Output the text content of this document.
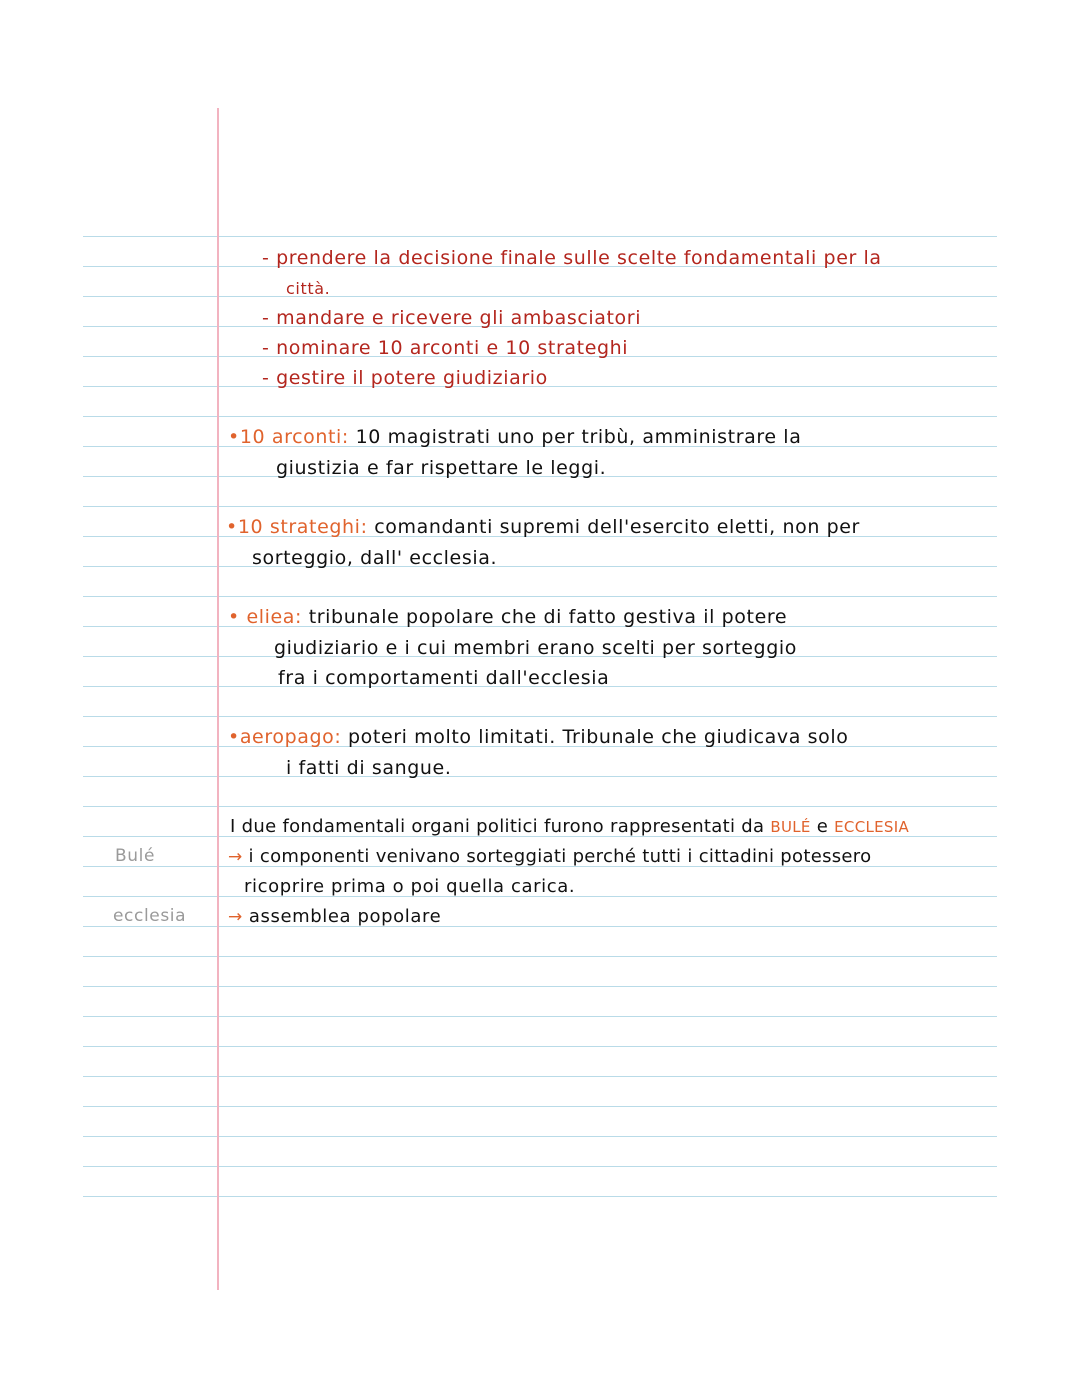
Bulé
ecclesia
- prendere la decisione finale sulle scelte fondamentali per la
città.
- mandare e ricevere gli ambasciatori
- nominare 10 arconti e 10 strateghi
- gestire il potere giudiziario
•10 arconti: 10 magistrati uno per tribù, amministrare la
giustizia e far rispettare le leggi.
•10 strateghi: comandanti supremi dell'esercito eletti, non per
sorteggio, dall' ecclesia.
• eliea: tribunale popolare che di fatto gestiva il potere
giudiziario e i cui membri erano scelti per sorteggio
fra i comportamenti dall'ecclesia
•aeropago: poteri molto limitati. Tribunale che giudicava solo
i fatti di sangue.
I due fondamentali organi politici furono rappresentati da BULÉ e ECCLESIA
→ i componenti venivano sorteggiati perché tutti i cittadini potessero
ricoprire prima o poi quella carica.
→ assemblea popolare
